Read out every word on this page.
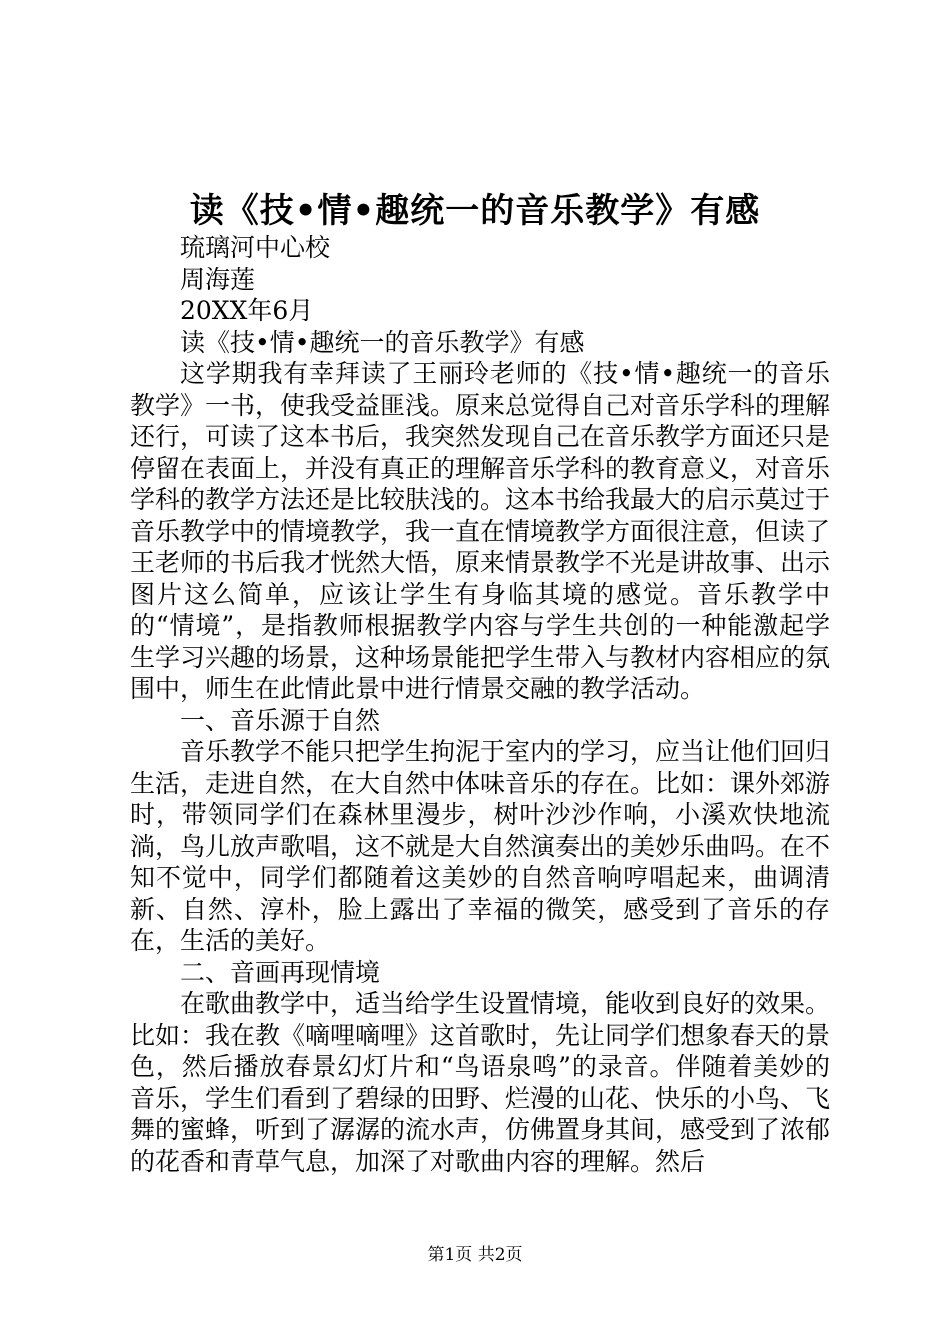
读《技•情•趣统一的音乐教学》有感
琉璃河中心校
周海莲
20XX年6月
读《技•情•趣统一的音乐教学》有感

这学期我有幸拜读了王丽玲老师的《技•情•趣统一的音乐教学》一书，使我受益匪浅。原来总觉得自己对音乐学科的理解还行，可读了这本书后，我突然发现自己在音乐教学方面还只是停留在表面上，并没有真正的理解音乐学科的教育意义，对音乐学科的教学方法还是比较肤浅的。这本书给我最大的启示莫过于音乐教学中的情境教学，我一直在情境教学方面很注意，但读了王老师的书后我才恍然大悟，原来情景教学不光是讲故事、出示图片这么简单，应该让学生有身临其境的感觉。音乐教学中的“情境”，是指教师根据教学内容与学生共创的一种能激起学生学习兴趣的场景，这种场景能把学生带入与教材内容相应的氛围中，师生在此情此景中进行情景交融的教学活动。

一、音乐源于自然

音乐教学不能只把学生拘泥于室内的学习，应当让他们回归生活，走进自然，在大自然中体味音乐的存在。比如：课外郊游时，带领同学们在森林里漫步，树叶沙沙作响，小溪欢快地流淌，鸟儿放声歌唱，这不就是大自然演奏出的美妙乐曲吗。在不知不觉中，同学们都随着这美妙的自然音响哼唱起来，曲调清新、自然、淳朴，脸上露出了幸福的微笑，感受到了音乐的存在，生活的美好。

二、音画再现情境

在歌曲教学中，适当给学生设置情境，能收到良好的效果。比如：我在教《嘀哩嘀哩》这首歌时，先让同学们想象春天的景色，然后播放春景幻灯片和“鸟语泉鸣”的录音。伴随着美妙的音乐，学生们看到了碧绿的田野、烂漫的山花、快乐的小鸟、飞舞的蜜蜂，听到了潺潺的流水声，仿佛置身其间，感受到了浓郁的花香和青草气息，加深了对歌曲内容的理解。然后

第1页 共2页
